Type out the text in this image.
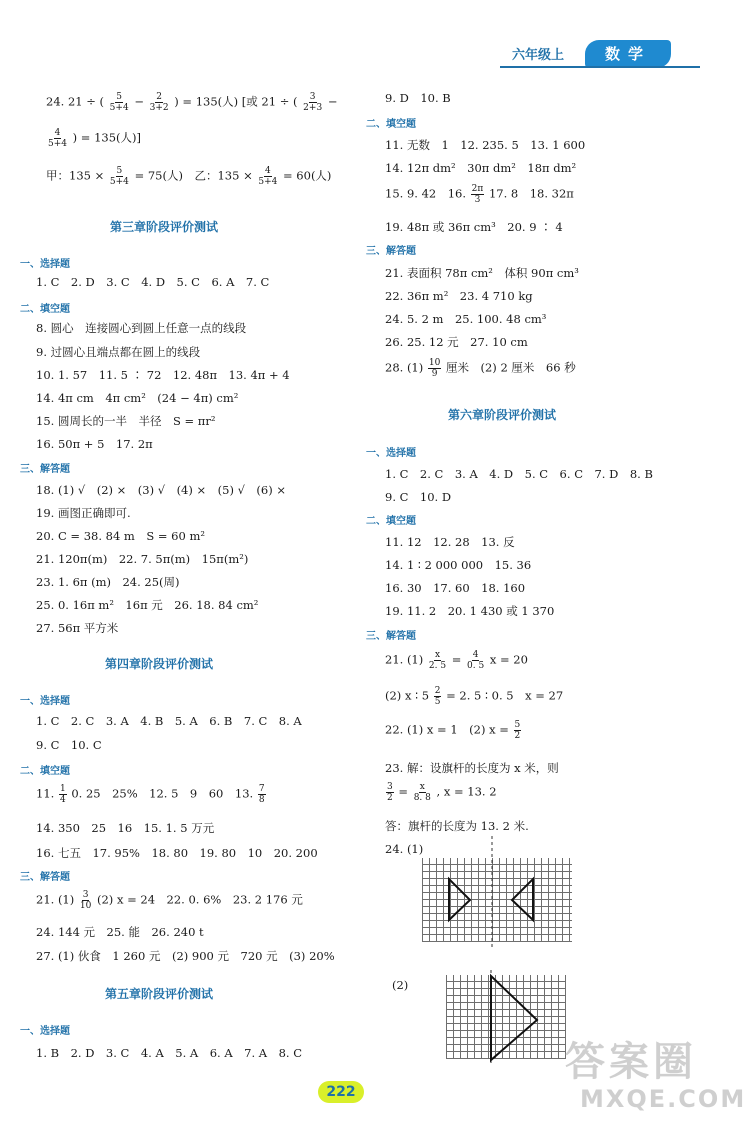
六年级上	数学
24. 21 ÷ ( $\frac{5}{5+4} - \frac{2}{3+2}$ ) = 135(人) [或 21 ÷ ( $\frac{3}{2+3}$ −
$\frac{4}{5+4}$ ) = 135(人)]
甲：$135 \times \frac{5}{5+4} = 75$(人)　乙：$135 \times \frac{4}{5+4} = 60$(人)
第三章阶段评价测试
一、选择题
1. C　2. D　3. C　4. D　5. C　6. A　7. C
二、填空题
8. 圆心　连接圆心到圆上任意一点的线段
9. 过圆心且端点都在圆上的线段
10. 1. 57　11. 5 ∶ 72　12. 48π　13. 4π + 4
14. 4π cm　4π cm²　(24 − 4π) cm²
15. 圆周长的一半　半径　S = πr²
16. 50π + 5　17. 2π
三、解答题
18. (1) √　(2) ×　(3) √　(4) ×　(5) √　(6) ×
19. 画图正确即可.
20. C = 38. 84 m　S = 60 m²
21. 120π(m)　22. 7. 5π(m)　15π(m²)
23. 1. 6π (m)　24. 25(周)
25. 0. 16π m²　16π 元　26. 18. 84 cm²
27. 56π 平方米
第四章阶段评价测试
一、选择题
1. C　2. C　3. A　4. B　5. A　6. B　7. C　8. A
9. C　10. C
二、填空题
11. $\frac{1}{4} 0$. 25　25%　12. 5　9　60　13. $\frac{7}{8}$
14. 350　25　16　15. 1. 5 万元
16. 七五　17. 95%　18. 80　19. 80　10　20. 200
三、解答题
21. $(1) \frac{3}{10} (2) x = 24$　22. 0. 6%　23. 2 176 元
24. 144 元　25. 能　26. 240 t
27. (1) 伙食　1 260 元　(2) 900 元　720 元　(3) 20%
第五章阶段评价测试
一、选择题
1. B　2. D　3. C　4. A　5. A　6. A　7. A　8. C
9. D　10. B
二、填空题
11. 无数　1　12. 235. 5　13. 1 600
14. 12π dm²　30π dm²　18π dm²
15. 9. 42　16. $\frac{2\pi}{3} 17$. 8　18. 32π
19. 48π 或 36π cm³　20. 9 ∶ 4
三、解答题
21. 表面积 78π cm²　体积 90π cm³
22. 36π m²　23. 4 710 kg
24. 5. 2 m　25. 100. 48 cm³
26. 25. 12 元　27. 10 cm
28. $(1) \frac{10}{9}$ 厘米　(2) 2 厘米　66 秒
第六章阶段评价测试
一、选择题
1. C　2. C　3. A　4. D　5. C　6. C　7. D　8. B
9. C　10. D
二、填空题
11. 12　12. 28　13. 反
14. 1 ∶ 2 000 000　15. 36
16. 30　17. 60　18. 160
19. 11. 2　20. 1 430 或 1 370
三、解答题
21. $(1) \frac{x}{2. 5} = \frac{4}{0. 5}$ x = 20
(2) x ∶ $5 \frac{2}{5} = 2$. 5 ∶ 0. 5　x = 27
22. (1) x = 1　(2) $x = \frac{5}{2}$
23. 解：设旗杆的长度为 x 米，则
$\frac{3}{2} = \frac{x}{8. 8}$ , x = 13. 2
答：旗杆的长度为 13. 2 米.
24. (1)
(2)
答案圈
MXQE.COM
222
